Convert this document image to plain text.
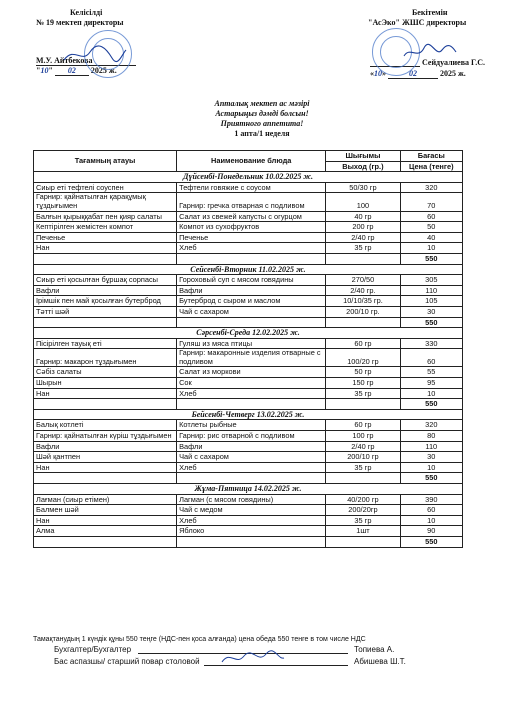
Келісілді
№ 19 мектеп директоры
М.У. Айтбекова
"10" 02 2025 ж.
Бекітемін
"АсЭко" ЖШС директоры
Сейдуалиева Г.С.
«10»	02	2025 ж.
Апталық мектеп ас мәзірі
Астарыңыз дәмді болсын!
Приятного аппетита!
1 апта/1 неделя
Тағамның атауы	Наименование блюда	Шығымы	Бағасы
		Выход (гр.)	Цена (тенге)
Дүйсенбі-Понедельник 10.02.2025 ж.			
Сиыр еті тефтелі соуспен	Тефтели говяжие с соусом	50/30 гр	320
Гарнир: қайнатылған қарақұмық тұздығымен	Гарнир: гречка отварная с подливом	100	70
Балғын қырыққабат пен қияр салаты	Салат из свежей капусты с огурцом	40 гр	60
Кептірілген жемістен компот	Компот из сухофруктов	200 гр	50
Печенье	Печенье	2/40 гр	40
Нан	Хлеб	35 гр	10
			550
Сейсенбі-Вторник 11.02.2025 ж.			
Сиыр еті қосылған бұршақ сорпасы	Гороховый суп с мясом говядины	270/50	305
Вафли	Вафли	2/40 гр.	110
Ірімшік пен май қосылған бутерброд	Бутерброд с сыром и маслом	10/10/35 гр.	105
Тәтті шәй	Чай с сахаром	200/10 гр.	30
			550
Сәрсенбі-Среда 12.02.2025 ж.			
Пісірілген тауық еті	Гуляш из мяса птицы	60 гр	330
Гарнир: макарон тұздығымен	Гарнир: макаронные изделия отварные с подливом	100/20 гр	60
Сәбіз салаты	Салат из моркови	50 гр	55
Шырын	Сок	150 гр	95
Нан	Хлеб	35 гр	10
			550
Бейсенбі-Четверг 13.02.2025 ж.			
Балық котлеті	Котлеты рыбные	60 гр	320
Гарнир: қайнатылған күріш тұздығымен	Гарнир: рис отварной с подливом	100 гр	80
Вафли	Вафли	2/40 гр	110
Шәй қантпен	Чай с сахаром	200/10 гр	30
Нан	Хлеб	35 гр	10
			550
Жұма-Пятница 14.02.2025 ж.			
Лағман (сиыр етімен)	Лагман (с мясом говядины)	40/200 гр	390
Балмен шәй	Чай с медом	200/20гр	60
Нан	Хлеб	35 гр	10
Алма	Яблоко	1шт	90
			550
Тамақтанудың 1 күндік құны 550 теңге (НДС-пен қоса алғанда) цена обеда 550 тенге в том числе НДС
Бухгалтер/Бухгалтер	Топиева А.
Бас аспазшы/ старший повар столовой	Абишева Ш.Т.
